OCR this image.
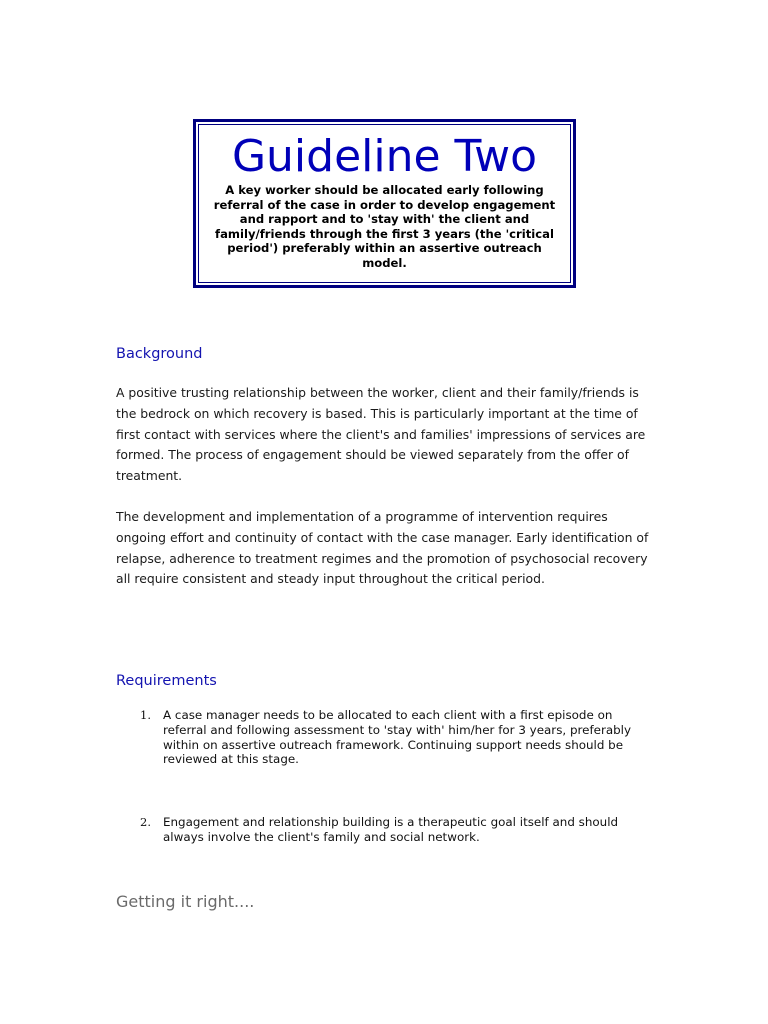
Guideline Two

A key worker should be allocated early following referral of the case in order to develop engagement and rapport and to 'stay with' the client and family/friends through the first 3 years (the 'critical period') preferably within an assertive outreach model.

Background

A positive trusting relationship between the worker, client and their family/friends is the bedrock on which recovery is based. This is particularly important at the time of first contact with services where the client's and families' impressions of services are formed. The process of engagement should be viewed separately from the offer of treatment.

The development and implementation of a programme of intervention requires ongoing effort and continuity of contact with the case manager. Early identification of relapse, adherence to treatment regimes and the promotion of psychosocial recovery all require consistent and steady input throughout the critical period.

Requirements
1. A case manager needs to be allocated to each client with a first episode on referral and following assessment to 'stay with' him/her for 3 years, preferably within on assertive outreach framework. Continuing support needs should be reviewed at this stage.
2. Engagement and relationship building is a therapeutic goal itself and should always involve the client's family and social network.
Getting it right....
